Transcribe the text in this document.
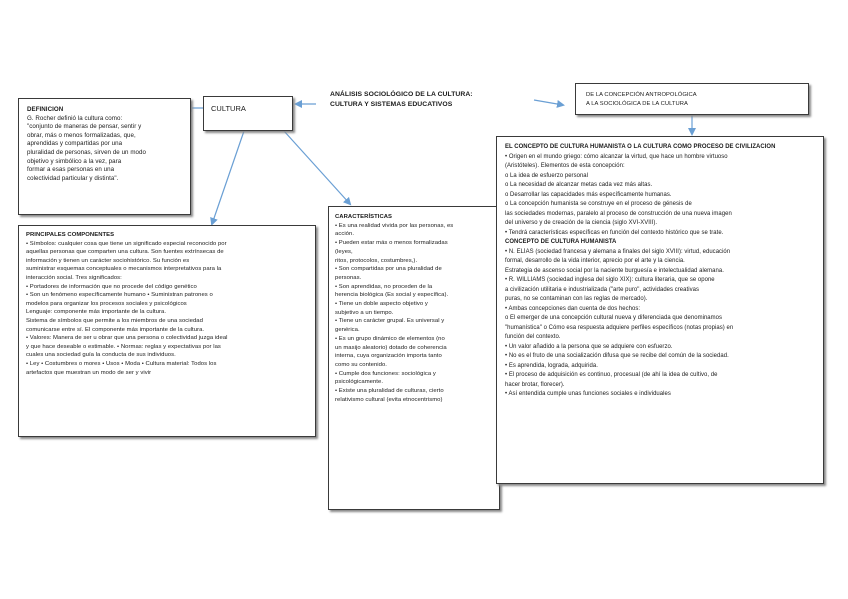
ANÁLISIS SOCIOLÓGICO DE LA CULTURA:
CULTURA Y SISTEMAS EDUCATIVOS
CULTURA
DE LA CONCEPCIÓN ANTROPOLÓGICA
A LA SOCIOLÓGICA DE LA CULTURA
DEFINICIÓN
G. Rocher definió la cultura como:
"conjunto de maneras de pensar, sentir y
obrar, más o menos formalizadas, que,
aprendidas y compartidas por una
pluralidad de personas, sirven de un modo
objetivo y simbólico a la vez, para
formar a esas personas en una
colectividad particular y distinta".
PRINCIPALES COMPONENTES
• Símbolos: cualquier cosa que tiene un significado especial reconocido por
aquellas personas que comparten una cultura. Son fuentes extrínsecas de
información y tienen un carácter sociohistórico. Su función es
suministrar esquemas conceptuales o mecanismos interpretativos para la
interacción social. Tres significados:
• Portadores de información que no procede del código genético
• Son un fenómeno específicamente humano • Suministran patrones o
modelos para organizar los procesos sociales y psicológicos
Lenguaje: componente más importante de la cultura.
Sistema de símbolos que permite a los miembros de una sociedad
comunicarse entre sí. El componente más importante de la cultura.
• Valores: Manera de ser u obrar que una persona o colectividad juzga ideal
y que hace deseable o estimable. • Normas: reglas y expectativas por las
cuales una sociedad guía la conducta de sus individuos.
• Ley • Costumbres o mores • Usos • Moda • Cultura material: Todos los
artefactos que muestran un modo de ser y vivir
CARACTERÍSTICAS
• Es una realidad vivida por las personas, es
acción.
• Pueden estar más o menos formalizadas
(leyes,
ritos, protocolos, costumbres,).
• Son compartidas por una pluralidad de
personas.
• Son aprendidas, no proceden de la
herencia biológica (Es social y específica).
• Tiene un doble aspecto objetivo y
subjetivo a un tiempo.
• Tiene un carácter grupal. Es universal y
genérica.
• Es un grupo dinámico de elementos (no
un masijo aleatorio) dotado de coherencia
interna, cuya organización importa tanto
como su contenido.
• Cumple dos funciones: sociológica y
psicológicamente.
• Existe una pluralidad de culturas, cierto
relativismo cultural (evita etnocentrismo)
EL CONCEPTO DE CULTURA HUMANISTA O LA CULTURA COMO PROCESO DE CIVILIZACIÓN
• Origen en el mundo griego: cómo alcanzar la virtud, que hace un hombre virtuoso
(Aristóteles). Elementos de esta concepción:
o La idea de esfuerzo personal
o La necesidad de alcanzar metas cada vez más altas.
o Desarrollar las capacidades más específicamente humanas.
o La concepción humanista se construye en el proceso de génesis de
las sociedades modernas, paralelo al proceso de construcción de una nueva imagen
del universo y de creación de la ciencia (siglo XVI-XVIII).
• Tendrá características específicas en función del contexto histórico que se trate.
CONCEPTO DE CULTURA HUMANISTA
• N. ELÍAS (sociedad francesa y alemana a finales del siglo XVIII): virtud, educación
formal, desarrollo de la vida interior, aprecio por el arte y la ciencia.
Estrategia de ascenso social por la naciente burguesía e intelectualidad alemana.
• R. WILLIAMS (sociedad inglesa del siglo XIX): cultura literaria, que se opone
a civilización utilitaria e industrializada ("arte puro", actividades creativas
puras, no se contaminan con las reglas de mercado).
• Ambas concepciones dan cuenta de dos hechos:
o El emerger de una concepción cultural nueva y diferenciada que denominamos
"humanística" o Cómo esa respuesta adquiere perfiles específicos (notas propias) en
función del contexto.
• Un valor añadido a la persona que se adquiere con esfuerzo.
• No es el fruto de una socialización difusa que se recibe del común de la sociedad.
• Es aprendida, lograda, adquirida.
• El proceso de adquisición es continuo, procesual (de ahí la idea de cultivo, de
hacer brotar, florecer).
• Así entendida cumple unas funciones sociales e individuales
